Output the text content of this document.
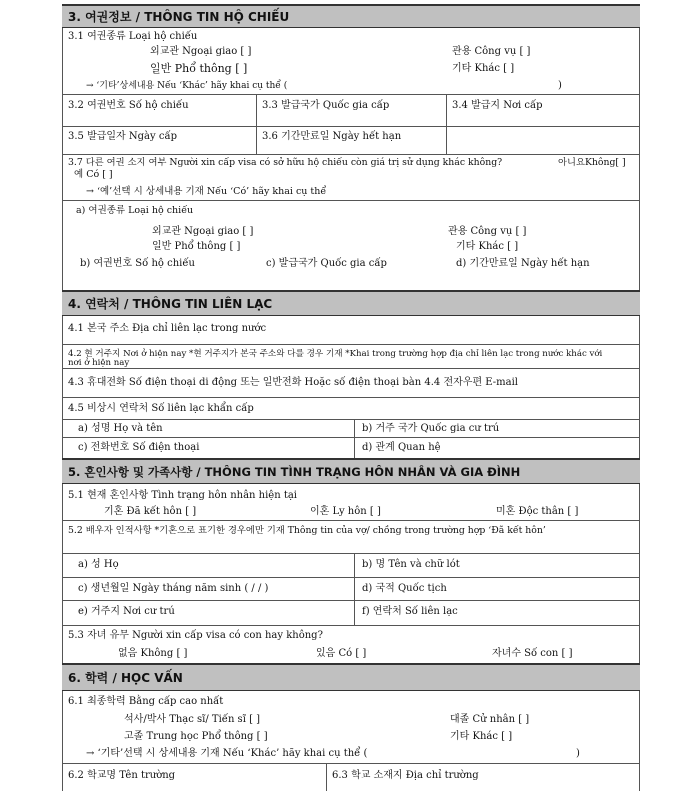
3. 여권정보 / THÔNG TIN HỘ CHIẾU
3.1 여권종류 Loại hộ chiếu
외교관 Ngoại giao [ ]	관용 Công vụ [ ]
일반 Phổ thông [ ]	기타 Khác [ ]
→ ‘기타’상세내용 Nếu ‘Khác’ hãy khai cụ thể (	)
3.2 여권번호 Số hộ chiếu	3.3 발급국가 Quốc gia cấp	3.4 발급지 Nơi cấp
3.5 발급일자 Ngày cấp	3.6 기간만료일 Ngày hết hạn
3.7 다른 여권 소지 여부 Người xin cấp visa có sở hữu hộ chiếu còn giá trị sử dụng khác không?	아니요Không[ ]
예 Có [ ]
→ ‘예’선택 시 상세내용 기재 Nếu ‘Có’ hãy khai cụ thể
a) 여권종류 Loại hộ chiếu
외교관 Ngoại giao [ ]	관용 Công vụ [ ]
일반 Phổ thông [ ]	기타 Khác [ ]
b) 여권번호 Số hộ chiếu	c) 발급국가 Quốc gia cấp	d) 기간만료일 Ngày hết hạn
4. 연락처 / THÔNG TIN LIÊN LẠC
4.1 본국 주소 Địa chỉ liên lạc trong nước
4.2 현 거주지 Nơi ở hiện nay *현 거주지가 본국 주소와 다를 경우 기재 *Khai trong trường hợp địa chỉ liên lạc trong nước khác với
nơi ở hiện nay
4.3 휴대전화 Số điện thoại di động 또는 일반전화 Hoặc số điện thoại bàn 4.4 전자우편 E-mail
4.5 비상시 연락처 Số liên lạc khẩn cấp
a) 성명 Họ và tên	b) 거주 국가 Quốc gia cư trú
c) 전화번호 Số điện thoại	d) 관계 Quan hệ
5. 혼인사항 및 가족사항 / THÔNG TIN TÌNH TRẠNG HÔN NHÂN VÀ GIA ĐÌNH
5.1 현재 혼인사항 Tình trạng hôn nhân hiện tại
기혼 Đã kết hôn [ ]	이혼 Ly hôn [ ]	미혼 Độc thân [ ]
5.2 배우자 인적사항 *기혼으로 표기한 경우에만 기재 Thông tin của vợ/ chồng trong trường hợp ‘Đã kết hôn’
a) 성 Họ	b) 명 Tên và chữ lót
c) 생년월일 Ngày tháng năm sinh ( / / )	d) 국적 Quốc tịch
e) 거주지 Nơi cư trú	f) 연락처 Số liên lạc
5.3 자녀 유무 Người xin cấp visa có con hay không?
없음 Không [ ]	있음 Có [ ]	자녀수 Số con [ ]
6. 학력 / HỌC VẤN
6.1 최종학력 Bằng cấp cao nhất
석사/박사 Thạc sĩ/ Tiến sĩ [ ]	대졸 Cử nhân [ ]
고졸 Trung học Phổ thông [ ]	기타 Khác [ ]
→ ‘기타’선택 시 상세내용 기재 Nếu ‘Khác’ hãy khai cụ thể (	)
6.2 학교명 Tên trường	6.3 학교 소재지 Địa chỉ trường
